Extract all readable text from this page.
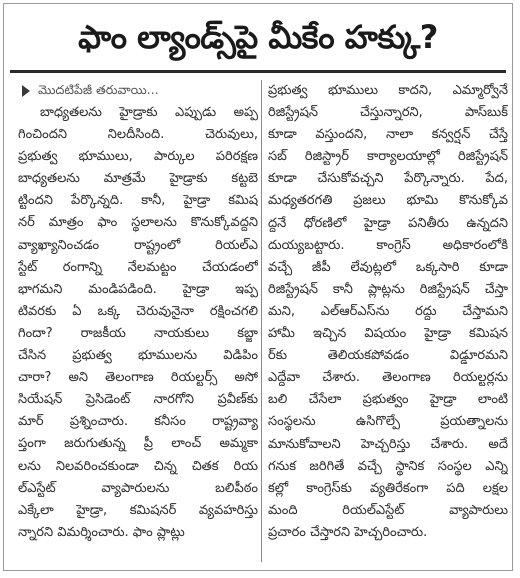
ఫాం ల్యాండ్స్‌పై మీకేం హక్కు?
మొదటిపేజీ తరువాయి...
బాధ్యతలను హైడ్రాకు ఎప్పుడు అప్ప
గించిందని నిలదీసింది. చెరువులు,
ప్రభుత్వ భూములు, పార్కుల పరిరక్షణ
బాధ్యతలను మాత్రమే హైడ్రాకు కట్టబె
ట్టిందని పేర్కొన్నది. కానీ, హైడ్రా కమిష
నర్ మాత్రం ఫాం స్థలాలను కొనుక్కోవద్దని
వ్యాఖ్యానించడం రాష్ట్రంలో రియల్‌ఎ
స్టేట్ రంగాన్ని నేలమట్టం చేయడంలో
భాగమని మండిపడింది. హైడ్రా ఇప్ప
టివరకు ఏ ఒక్క చెరువునైనా రక్షించగలి
గిందా? రాజకీయ నాయకులు కబ్జా
చేసిన ప్రభుత్వ భూములను విడిపిం
చారా? అని తెలంగాణ రియల్టర్స్ అసో
సియేషన్ ప్రెసిడెంట్ నారగోని ప్రవీణ్‌కు
మార్ ప్రశ్నించారు. కనీసం రాష్ట్రవ్యా
ప్తంగా జరుగుతున్న ప్రీ లాంచ్ అమ్మకా
లను నిలవరించకుండా చిన్న చితక రియ
ల్‌ఎస్టేట్ వ్యాపారులను బలిపీఠం
ఎక్కేలా హైడ్రా, కమిషనర్ వ్యవహరిస్తు
న్నారని విమర్శించారు. ఫాం ప్లాట్లు
ప్రభుత్వ భూములు కాదని, ఎమ్మార్వోనే
రిజిస్ట్రేషన్ చేస్తున్నారని, పాస్‌బుక్
కూడా వస్తుందని, నాలా కన్వర్షన్ చేస్తే
సబ్ రిజిస్ట్రార్ కార్యాలయాల్లో రిజిస్ట్రేషన్
కూడా చేసుకోవచ్చని పేర్కొన్నారు. పేద,
మధ్యతరగతి ప్రజలు భూమి కొనుక్కోవ
ద్దనే ధోరణిలో హైడ్రా పనితీరు ఉన్నదని
దుయ్యబట్టారు. కాంగ్రెస్ అధికారంలోకి
వచ్చే జీపీ లేవుట్లలో ఒక్కసారి కూడా
రిజిస్ట్రేషన్ కానీ ప్లాట్లను రిజిస్ట్రేషన్ చేస్తా
మని, ఎల్‌ఆర్‌ఎస్‌ను రద్దు చేస్తామని
హామీ ఇచ్చిన విషయం హైడ్రా కమిషన
ర్‌కు తెలియకపోవడం విడ్డూరమని
ఎద్దేవా చేశారు. తెలంగాణ రియల్టర్లను
బలి చేసేలా ప్రభుత్వం హైడ్రా లాంటి
సంస్థలను ఉసిగొల్పే ప్రయత్నాలను
మానుకోవాలని హెచ్చరిస్తు చేశారు. అదే
గనుక జరిగితే వచ్చే స్థానిక సంస్థల ఎన్ని
కల్లో కాంగ్రెస్‌కు వ్యతిరేకంగా పది లక్షల
మంది రియల్‌ఎస్టేట్ వ్యాపారులు
ప్రచారం చేస్తారని హెచ్చరించారు.
